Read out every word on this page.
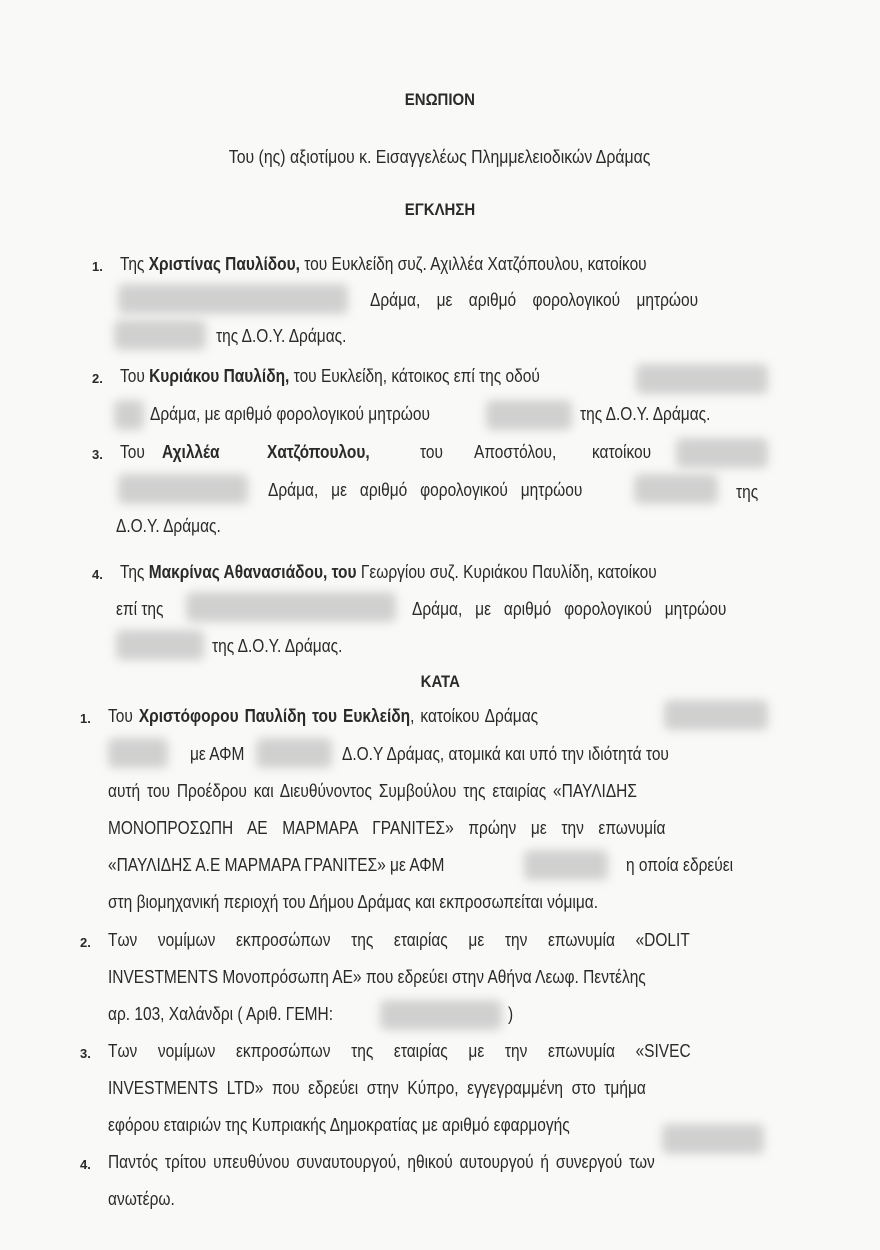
ΕΝΩΠΙΟΝ
Του (ης) αξιοτίμου κ. Εισαγγελέως Πλημμελειοδικών Δράμας
ΕΓΚΛΗΣΗ
1. Της Χριστίνας Παυλίδου, του Ευκλείδη συζ. Αχιλλέα Χατζόπουλου, κατοίκου
Δράμα, με αριθμό φορολογικού μητρώου
της Δ.Ο.Υ. Δράμας.
2. Του Κυριάκου Παυλίδη, του Ευκλείδη, κάτοικος επί της οδού
Δράμα, με αριθμό φορολογικού μητρώου	της Δ.Ο.Υ. Δράμας.
3. Του Αχιλλέα	Χατζόπουλου,	του Αποστόλου, κατοίκου
Δράμα, με αριθμό φορολογικού μητρώου	της
Δ.Ο.Υ. Δράμας.
4. Της Μακρίνας Αθανασιάδου, του Γεωργίου συζ. Κυριάκου Παυλίδη, κατοίκου
επί της	Δράμα, με αριθμό φορολογικού μητρώου
της Δ.Ο.Υ. Δράμας.
ΚΑΤΑ
1. Του Χριστόφορου Παυλίδη του Ευκλείδη, κατοίκου Δράμας
με ΑΦΜ	Δ.Ο.Υ Δράμας, ατομικά και υπό την ιδιότητά του
αυτή του Προέδρου και Διευθύνοντος Συμβούλου της εταιρίας «ΠΑΥΛΙΔΗΣ
ΜΟΝΟΠΡΟΣΩΠΗ ΑΕ ΜΑΡΜΑΡΑ ΓΡΑΝΙΤΕΣ» πρώην με την επωνυμία
«ΠΑΥΛΙΔΗΣ Α.Ε ΜΑΡΜΑΡΑ ΓΡΑΝΙΤΕΣ» με ΑΦΜ	η οποία εδρεύει
στη βιομηχανική περιοχή του Δήμου Δράμας και εκπροσωπείται νόμιμα.
2. Των νομίμων εκπροσώπων της εταιρίας με την επωνυμία «DOLIT
INVESTMENTS Μονοπρόσωπη ΑΕ» που εδρεύει στην Αθήνα Λεωφ. Πεντέλης
αρ. 103, Χαλάνδρι ( Αριθ. ΓΕΜΗ:	)
3. Των νομίμων εκπροσώπων της εταιρίας με την επωνυμία «SIVEC
INVESTMENTS LTD» που εδρεύει στην Κύπρο, εγγεγραμμένη στο τμήμα
εφόρου εταιριών της Κυπριακής Δημοκρατίας με αριθμό εφαρμογής
4. Παντός τρίτου υπευθύνου συναυτουργού, ηθικού αυτουργού ή συνεργού των
ανωτέρω.
